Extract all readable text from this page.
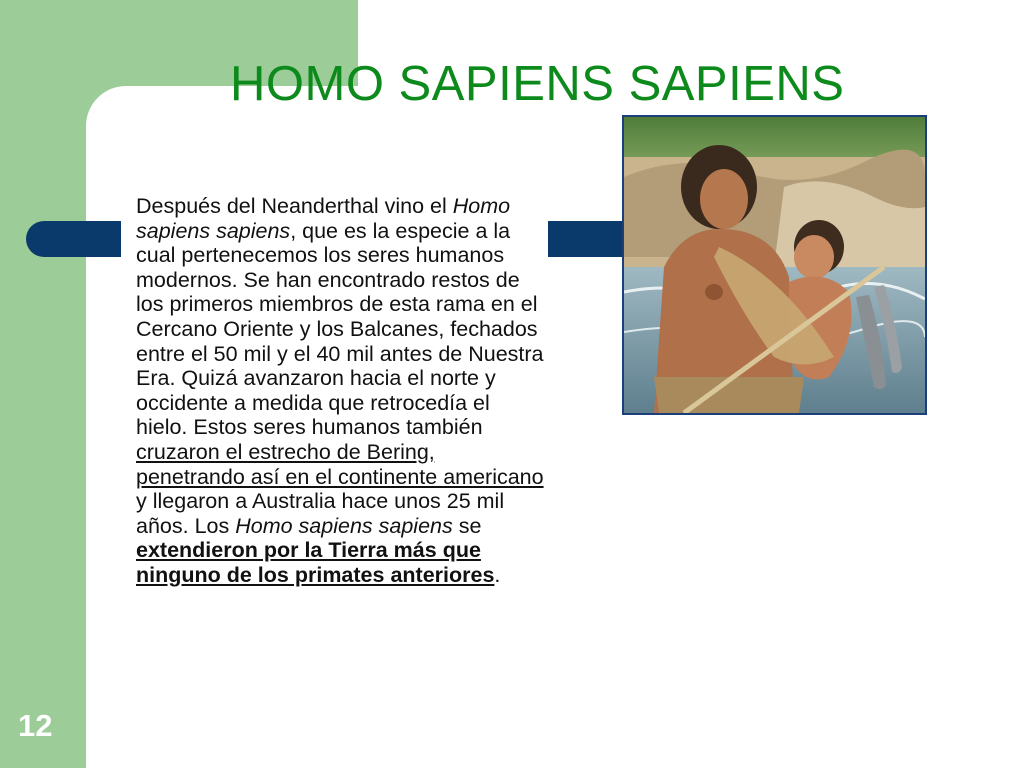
HOMO SAPIENS SAPIENS
Después del Neanderthal vino el Homo sapiens sapiens, que es la especie a la cual pertenecemos los seres humanos modernos. Se han encontrado restos de los primeros miembros de esta rama en el Cercano Oriente y los Balcanes, fechados entre el 50 mil y el 40 mil antes de Nuestra Era. Quizá avanzaron hacia el norte y occidente a medida que retrocedía el hielo. Estos seres humanos también cruzaron el estrecho de Bering, penetrando así en el continente americano y llegaron a Australia hace unos 25 mil años. Los Homo sapiens sapiens se extendieron por la Tierra más que ninguno de los primates anteriores.
12
